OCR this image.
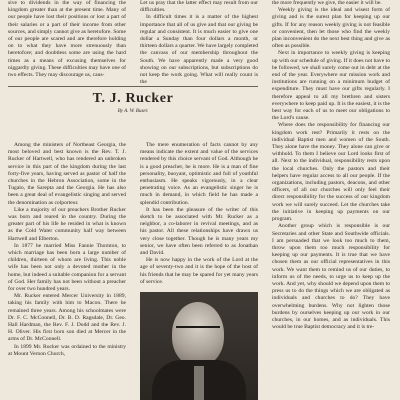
sive to dividends in the way of financing the kingdom greater than at the present time. Many of our people have lost their positions or lost a part of their salaries or a part of their income from other sources, and simply cannot give as heretofore. Some of our people are scared and are therefore holding on to what they have more strenuously than heretofore; and doubtless some are using the hard times as a means of excusing themselves for niggardly giving. These difficulties may have one of two effects. They may discourage us, caus-

Let us pray that the latter effect may result from our difficulties.

In difficult times it is a matter of the highest importance that all of us give and that our giving be regular and consistent. It is much easier to give one dollar a Sunday than four dollars a month, or thirteen dollars a quarter. We have largely completed the canvass of our membership throughout the South. We have apparently made a very good showing on our subscriptions, but subscriptions do not keep the work going. What will really count is the

the more frequently we give, the easier it will be.

Weekly giving is the ideal and wisest form of giving and is the surest plan for keeping up our gifts. If for any reason weekly giving is not feasible or convenient, then let those who find the weekly plan inconvenient do the next best thing and give as often as possible.

Next in importance to weekly giving is keeping up with our schedule of giving. If it does not have to be followed, we shall surely come out in debt at the end of the year. Everywhere our mission work and institutions are running on a minimum budget of expenditure. They must have our gifts regularly. I therefore appeal to all my brethren and sisters everywhere to keep paid up. It is the easiest, it is the best way for each of us to meet our obligations to the Lord's cause.

Where does the responsibility for financing our kingdom work rest? Primarily it rests on the individual Baptist men and women of the South. They alone have the money. They alone can give or withhold. To them I believe our Lord looks first of all. Next to the individual, responsibility rests upon the local churches. Only the pastors and their helpers have regular access to all our people. If the organizations, including pastors, deacons, and other officers, of all our churches will only feel their direct responsibility for the success of our kingdom work we will surely succeed. Let the churches take the initiative in keeping up payments on our program.

Another group which is responsible is our Secretaries and other State and Southwide officials. I am persuaded that we look too much to them, throw upon them too much responsibility for keeping up our payments. It is true that we have chosen them as our official representatives in this work. We want them to remind us of our duties, to inform us of the needs, to urge us to keep up the work. And yet, why should we depend upon them to press us to do the things which we are obligated as individuals and churches to do? They have overwhelming burdens. Why not lighten those burdens by ourselves keeping up our work in our churches, in our homes, and as individuals. This would be true Baptist democracy and it is tre-

T. J. Rucker
By A. W. Buser.

Among the ministers of Northeast Georgia, the most beloved and best known is the Rev. T. J. Rucker of Hartwell, who has rendered an unbroken service in this part of the kingdom during the last forty-five years, having served as pastor of half the churches in the Hebron Association, some in the Tugalo, the Sarepta and the Georgia. He has also been a great deal of evangelistic singing and served the denomination as colporteur.

Like a majority of our preachers Brother Rucker was born and reared in the country. During the greater part of his life he resided in what is known as the Cold Water community half way between Hartwell and Elberton.

In 1877 he married Miss Fannie Thornton, to which marriage has been born a large number of children, thirteen of whom are living. This noble wife has been not only a devoted mother in the home, but indeed a suitable companion for a servant of God. Her family has not been without a preacher for over two hundred years.

Mr. Rucker entered Mercer University in 1889, taking his family with him to Macon. There he remained three years. Among his schoolmates were Dr. F. C. McConnell, Dr. B. D. Ragsdale, Dr. Geo. Hall Hardman, the Rev. F. J. Dodd and the Rev. J. H. Oliver. His first born son died at Mercer in the arms of Dr. McConnell.

In 1899 Mr. Rucker was ordained to the ministry at Mount Vernon Church,

The mere enumeration of facts cannot by any means indicate the extent and value of the services rendered by this choice servant of God. Although he is a good preacher, he is more. He is a man of fine personality, buoyant, optimistic and full of youthful enthusiasm. He speaks vigorously, in a clear penetrating voice. As an evangelistic singer he is much in demand, in which field he has made a splendid contribution.

It has been the pleasure of the writer of this sketch to be associated with Mr. Rucker as a neighbor, a co-laborer in revival meetings, and as his pastor. All these relationships have drawn us very close together. Though he is many years my senior, we have often been referred to as Jonathan and David.

He is now happy in the work of the Lord at the age of seventy-two and it is the hope of the host of his friends that he may be spared for yet many years of service.
